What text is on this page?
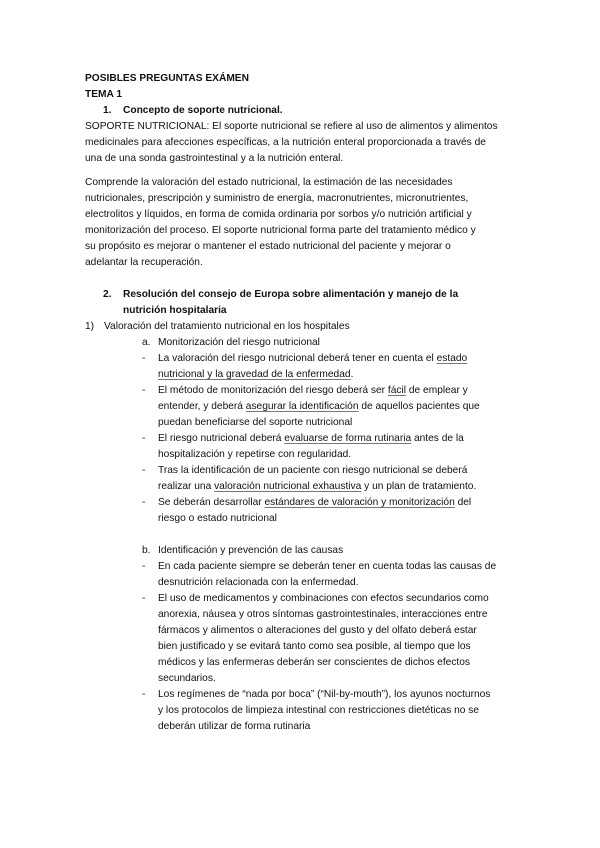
POSIBLES PREGUNTAS EXÁMEN
TEMA 1
1. Concepto de soporte nutricional.
SOPORTE NUTRICIONAL: El soporte nutricional se refiere al uso de alimentos y alimentos
medicinales para afecciones específicas, a la nutrición enteral proporcionada a través de
una de una sonda gastrointestinal y a la nutrición enteral.
Comprende la valoración del estado nutricional, la estimación de las necesidades
nutricionales, prescripción y suministro de energía, macronutrientes, micronutrientes,
electrolitos y líquidos, en forma de comida ordinaria por sorbos y/o nutrición artificial y
monitorización del proceso. El soporte nutricional forma parte del tratamiento médico y
su propósito es mejorar o mantener el estado nutricional del paciente y mejorar o
adelantar la recuperación.
2. Resolución del consejo de Europa sobre alimentación y manejo de la
nutrición hospitalaria
1) Valoración del tratamiento nutricional en los hospitales
a. Monitorización del riesgo nutricional
- La valoración del riesgo nutricional deberá tener en cuenta el estado
nutricional y la gravedad de la enfermedad.
- El método de monitorización del riesgo deberá ser fácil de emplear y
entender, y deberá asegurar la identificación de aquellos pacientes que
puedan beneficiarse del soporte nutricional
- El riesgo nutricional deberá evaluarse de forma rutinaria antes de la
hospitalización y repetirse con regularidad.
- Tras la identificación de un paciente con riesgo nutricional se deberá
realizar una valoración nutricional exhaustiva y un plan de tratamiento.
- Se deberán desarrollar estándares de valoración y monitorización del
riesgo o estado nutricional
b. Identificación y prevención de las causas
- En cada paciente siempre se deberán tener en cuenta todas las causas de
desnutrición relacionada con la enfermedad.
- El uso de medicamentos y combinaciones con efectos secundarios como
anorexia, náusea y otros síntomas gastrointestinales, interacciones entre
fármacos y alimentos o alteraciones del gusto y del olfato deberá estar
bien justificado y se evitará tanto como sea posible, al tiempo que los
médicos y las enfermeras deberán ser conscientes de dichos efectos
secundarios.
- Los regímenes de “nada por boca” (“Nil-by-mouth”), los ayunos nocturnos
y los protocolos de limpieza intestinal con restricciones dietéticas no se
deberán utilizar de forma rutinaria
